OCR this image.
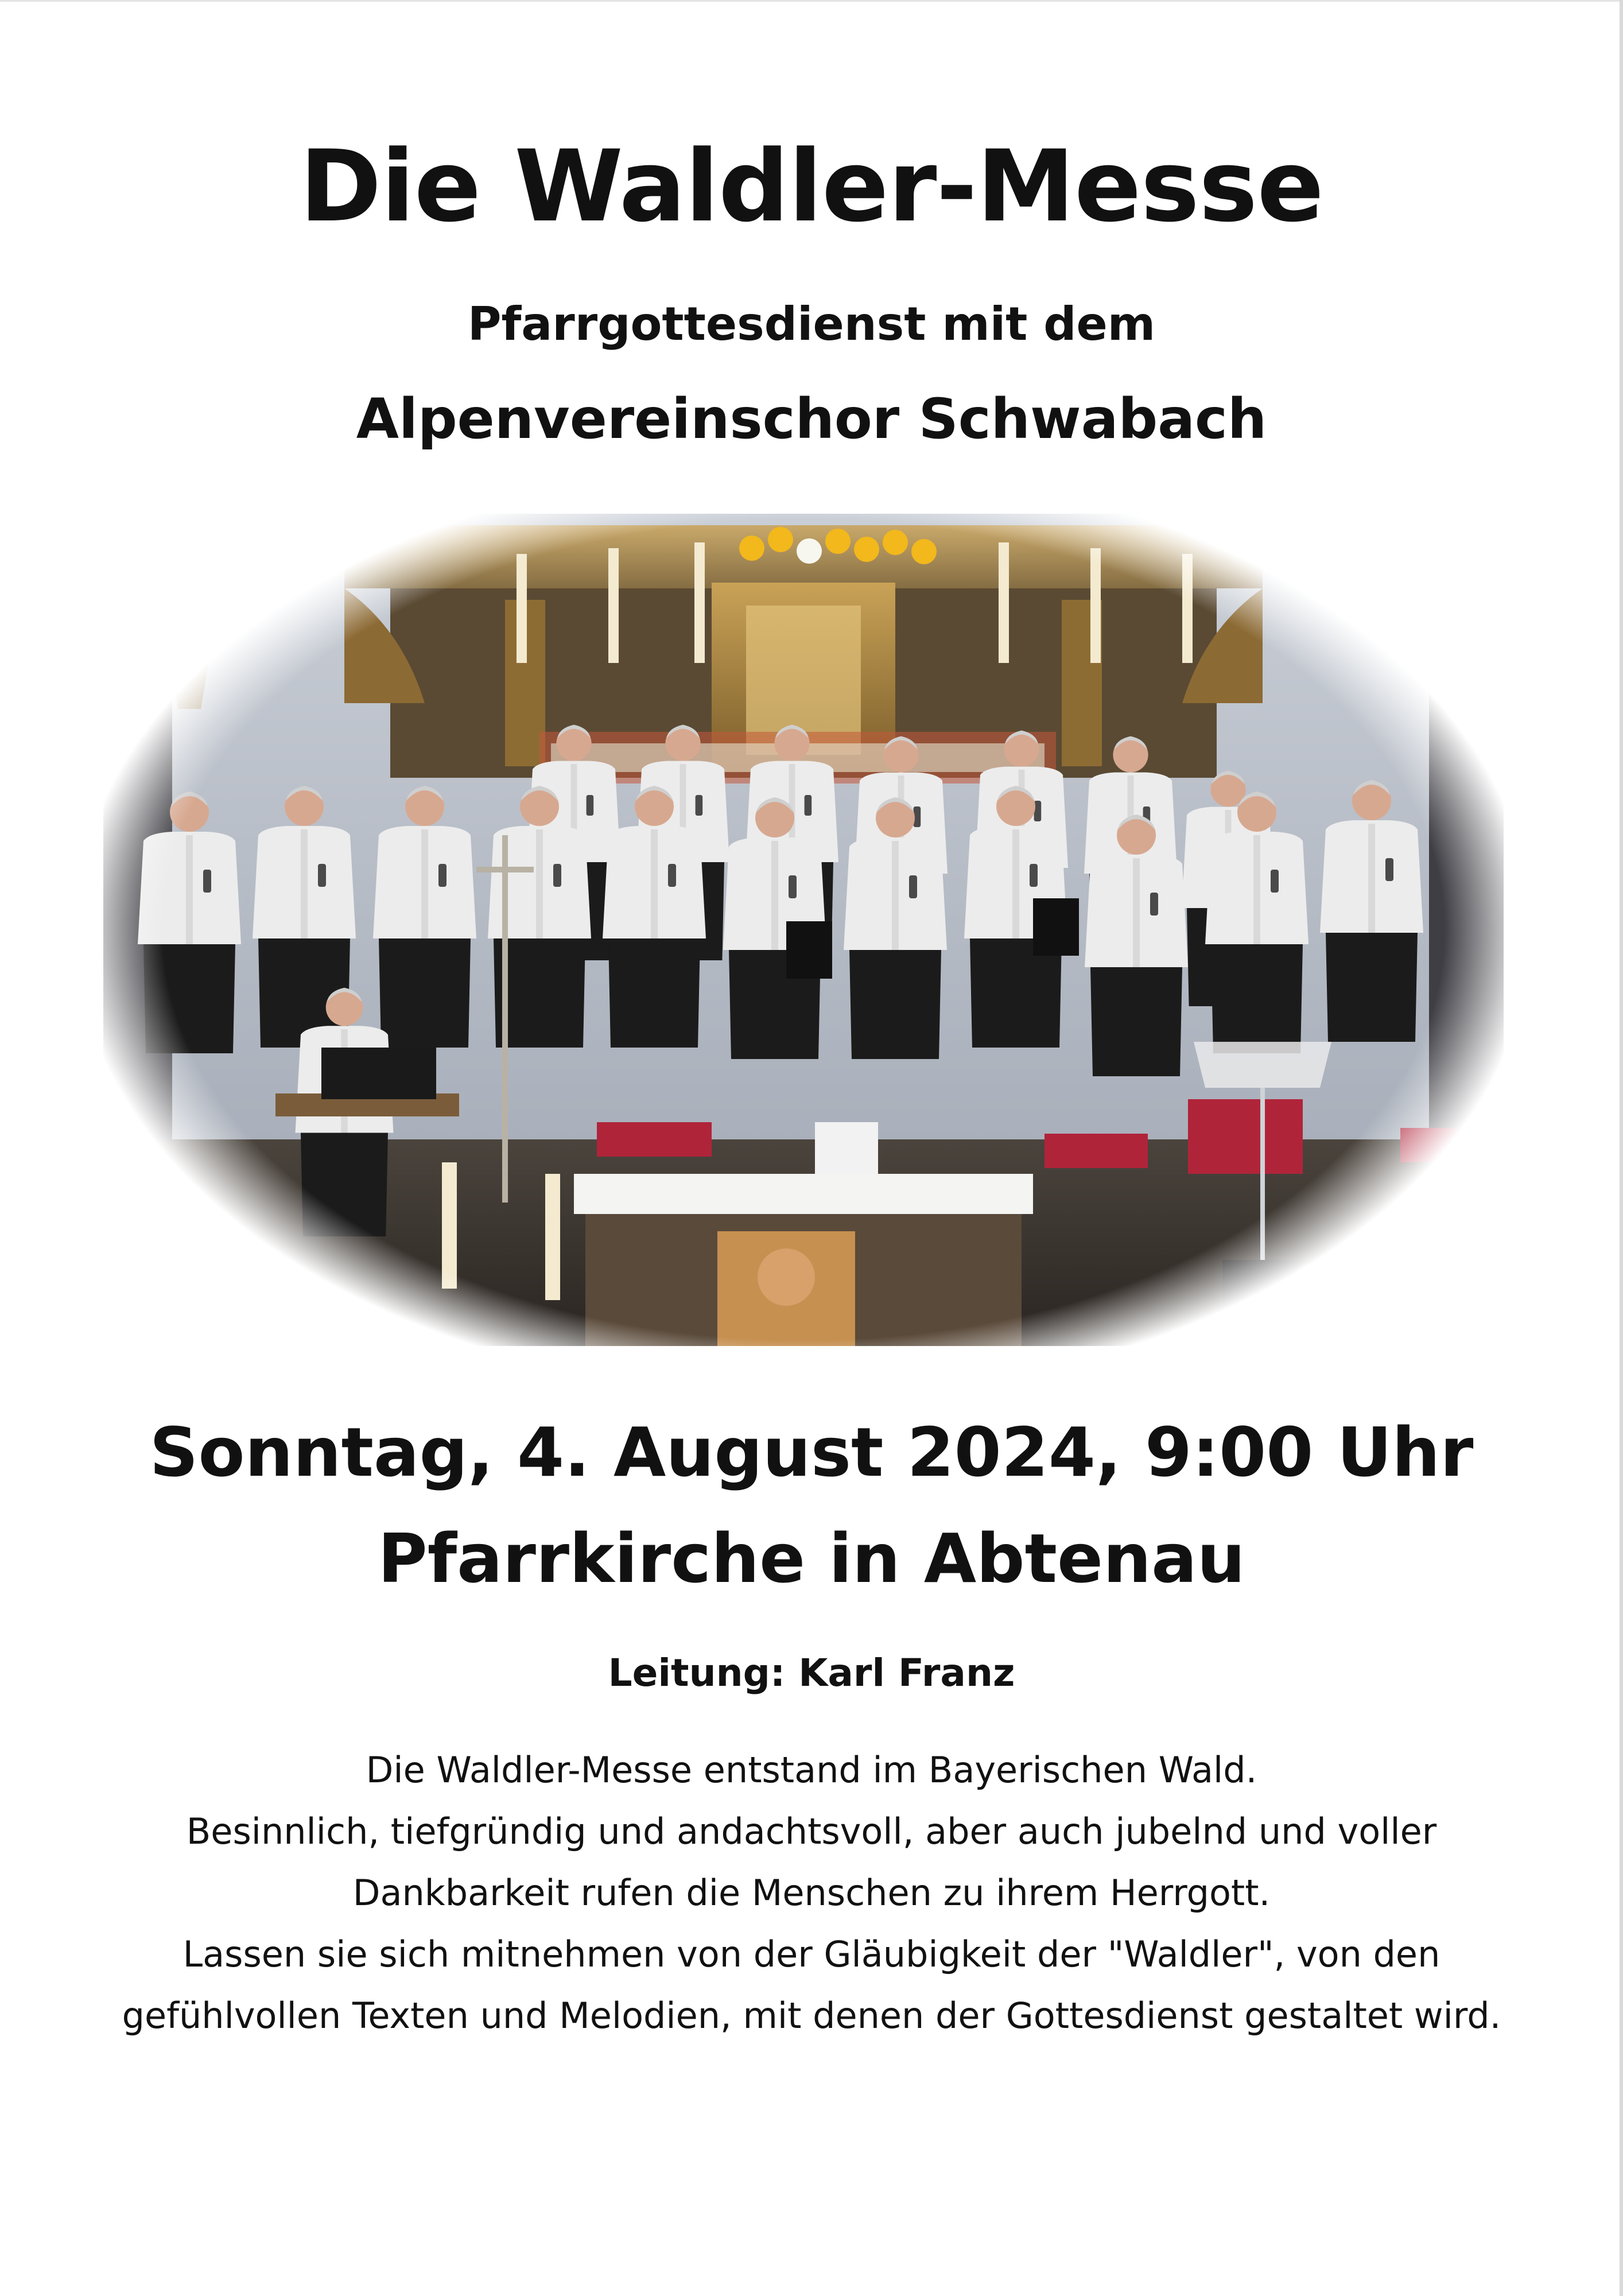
Die Waldler-Messe
Pfarrgottesdienst mit dem
Alpenvereinschor Schwabach
Sonntag, 4. August 2024, 9:00 Uhr
Pfarrkirche in Abtenau
Leitung: Karl Franz
Die Waldler-Messe entstand im Bayerischen Wald.
Besinnlich, tiefgründig und andachtsvoll, aber auch jubelnd und voller
Dankbarkeit rufen die Menschen zu ihrem Herrgott.
Lassen sie sich mitnehmen von der Gläubigkeit der "Waldler", von den
gefühlvollen Texten und Melodien, mit denen der Gottesdienst gestaltet wird.
